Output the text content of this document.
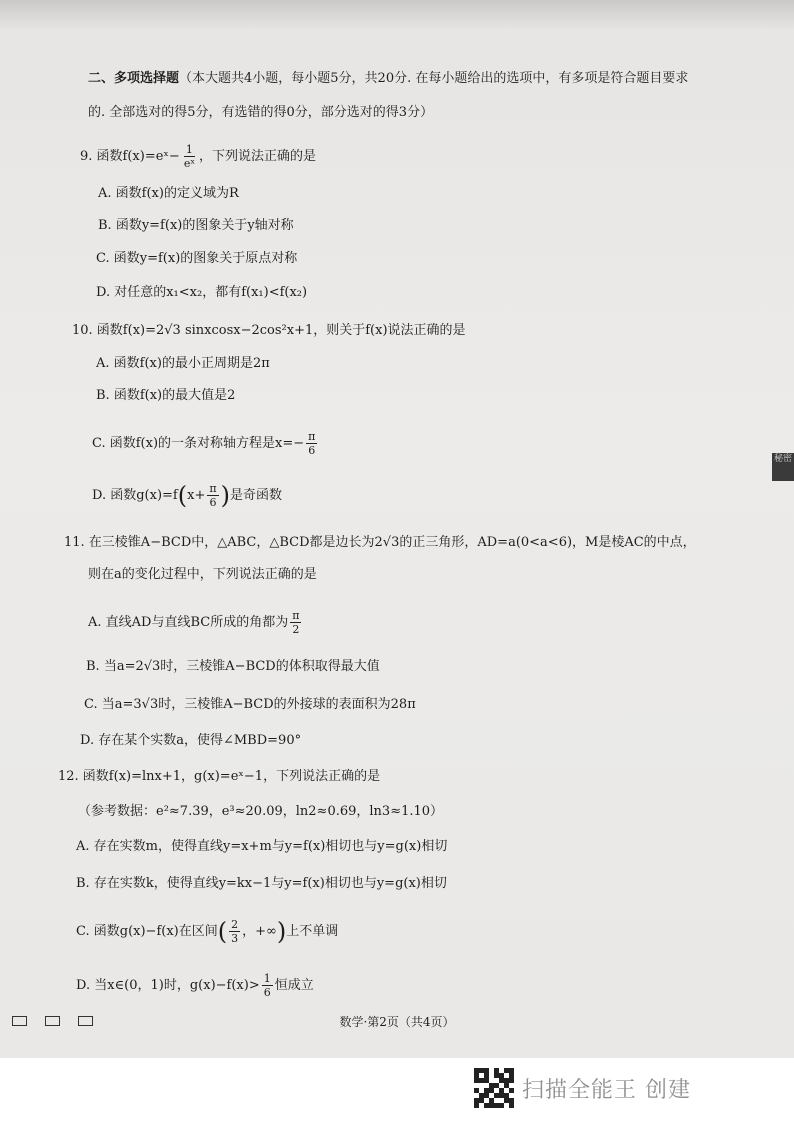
二、多项选择题（本大题共4小题，每小题5分，共20分. 在每小题给出的选项中，有多项是符合题目要求
的. 全部选对的得5分，有选错的得0分，部分选对的得3分）
9. 函数f(x)=eˣ− $\frac{1}{\text{eˣ}}$ ，下列说法正确的是
A. 函数f(x)的定义域为R
B. 函数y=f(x)的图象关于y轴对称
C. 函数y=f(x)的图象关于原点对称
D. 对任意的x₁<x₂，都有f(x₁)<f(x₂)
10. 函数f(x)=2√3 sinxcosx−2cos²x+1，则关于f(x)说法正确的是
A. 函数f(x)的最小正周期是2π
B. 函数f(x)的最大值是2
C. 函数f(x)的一条对称轴方程是$x=- \frac{\pi}{6}$
D. 函数$g(x)=f(x+ \frac{\pi}{6}$ )是奇函数
秘密
11. 在三棱锥A−BCD中，△ABC，△BCD都是边长为2√3的正三角形，AD=a(0<a<6)，M是棱AC的中点，
则在a的变化过程中，下列说法正确的是
A. 直线AD与直线BC所成的角都为 $\frac{\pi}{2}$
B. 当a=2√3时，三棱锥A−BCD的体积取得最大值
C. 当a=3√3时，三棱锥A−BCD的外接球的表面积为28π
D. 存在某个实数a，使得∠MBD=90°
12. 函数f(x)=lnx+1，g(x)=eˣ−1，下列说法正确的是
（参考数据：e²≈7.39，e³≈20.09，ln2≈0.69，ln3≈1.10）
A. 存在实数m，使得直线y=x+m与y=f(x)相切也与y=g(x)相切
B. 存在实数k，使得直线y=kx−1与y=f(x)相切也与y=g(x)相切
C. 函数g(x)−f(x)在区间( $\frac{2}{3}$ ，+∞)上不单调
D. 当x∈(0，1)时，$g(x)-f(x)> \frac{1}{6}$ 恒成立
数学·第2页（共4页）
扫描全能王 创建
